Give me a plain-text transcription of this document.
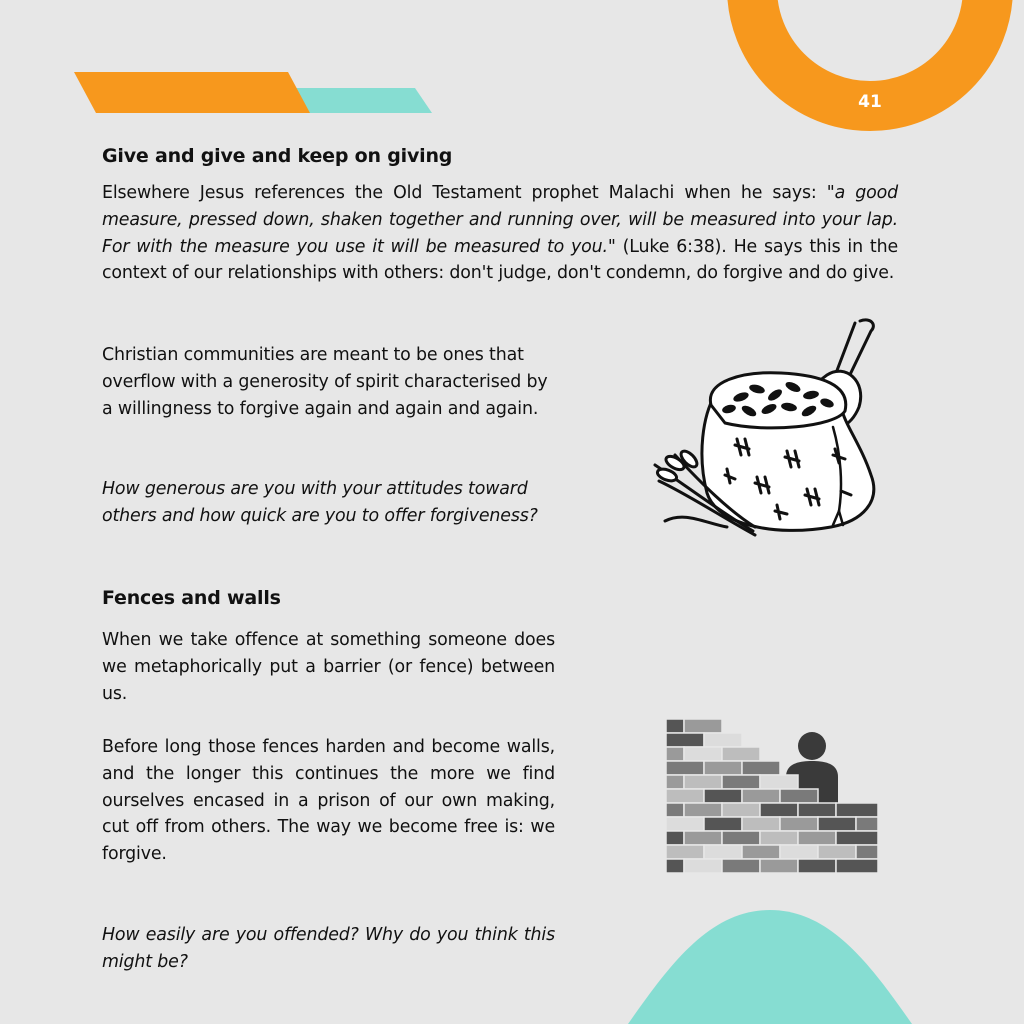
41
Give and give and keep on giving

Elsewhere Jesus references the Old Testament prophet Malachi when he says: "a good measure, pressed down, shaken together and running over, will be measured into your lap. For with the measure you use it will be measured to you." (Luke 6:38). He says this in the context of our relationships with others: don't judge, don't condemn, do forgive and do give.

Christian communities are meant to be ones that overflow with a generosity of spirit characterised by a willingness to forgive again and again and again.

How generous are you with your attitudes toward others and how quick are you to offer forgiveness?

Fences and walls

When we take offence at something someone does we metaphorically put a barrier (or fence) between us.

Before long those fences harden and become walls, and the longer this continues the more we find ourselves encased in a prison of our own making, cut off from others. The way we become free is: we forgive.

How easily are you offended? Why do you think this might be?
